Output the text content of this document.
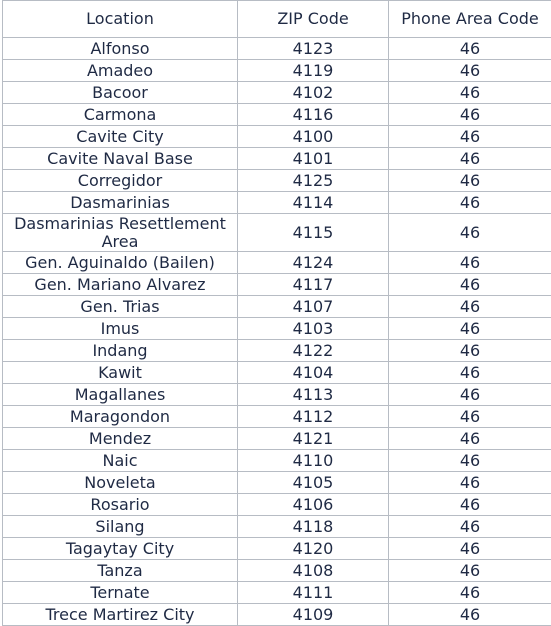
Location	ZIP Code	Phone Area Code
Alfonso	4123	46
Amadeo	4119	46
Bacoor	4102	46
Carmona	4116	46
Cavite City	4100	46
Cavite Naval Base	4101	46
Corregidor	4125	46
Dasmarinias	4114	46
Dasmarinias Resettlement Area	4115	46
Gen. Aguinaldo (Bailen)	4124	46
Gen. Mariano Alvarez	4117	46
Gen. Trias	4107	46
Imus	4103	46
Indang	4122	46
Kawit	4104	46
Magallanes	4113	46
Maragondon	4112	46
Mendez	4121	46
Naic	4110	46
Noveleta	4105	46
Rosario	4106	46
Silang	4118	46
Tagaytay City	4120	46
Tanza	4108	46
Ternate	4111	46
Trece Martirez City	4109	46
